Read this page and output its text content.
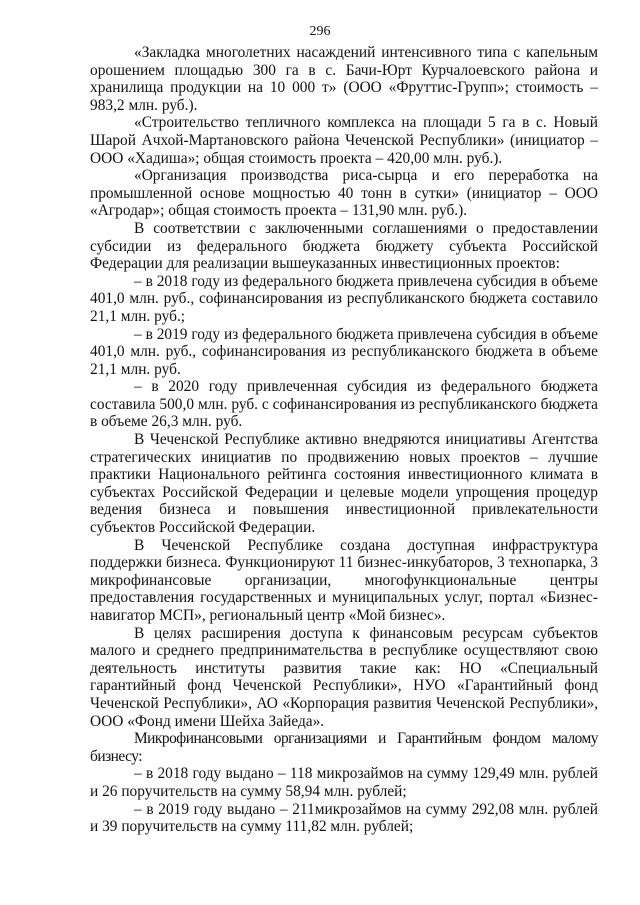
296

«Закладка многолетних насаждений интенсивного типа с капельным орошением площадью 300 га в с. Бачи-Юрт Курчалоевского района и хранилища продукции на 10 000 т» (ООО «Фруттис-Групп»; стоимость – 983,2 млн. руб.).

«Строительство тепличного комплекса на площади 5 га в с. Новый Шарой Ачхой-Мартановского района Чеченской Республики» (инициатор – ООО «Хадиша»; общая стоимость проекта – 420,00 млн. руб.).

«Организация производства риса-сырца и его переработка на промышленной основе мощностью 40 тонн в сутки» (инициатор – ООО «Агродар»; общая стоимость проекта – 131,90 млн. руб.).

В соответствии с заключенными соглашениями о предоставлении субсидии из федерального бюджета бюджету субъекта Российской Федерации для реализации вышеуказанных инвестиционных проектов:

– в 2018 году из федерального бюджета привлечена субсидия в объеме 401,0 млн. руб., софинансирования из республиканского бюджета составило 21,1 млн. руб.;

– в 2019 году из федерального бюджета привлечена субсидия в объеме 401,0 млн. руб., софинансирования из республиканского бюджета в объеме 21,1 млн. руб.

– в 2020 году привлеченная субсидия из федерального бюджета составила 500,0 млн. руб. с софинансирования из республиканского бюджета в объеме 26,3 млн. руб.

В Чеченской Республике активно внедряются инициативы Агентства стратегических инициатив по продвижению новых проектов – лучшие практики Национального рейтинга состояния инвестиционного климата в субъектах Российской Федерации и целевые модели упрощения процедур ведения бизнеса и повышения инвестиционной привлекательности субъектов Российской Федерации.

В Чеченской Республике создана доступная инфраструктура поддержки бизнеса. Функционируют 11 бизнес-инкубаторов, 3 технопарка, 3 микрофинансовые организации, многофункциональные центры предоставления государственных и муниципальных услуг, портал «Бизнес-навигатор МСП», региональный центр «Мой бизнес».

В целях расширения доступа к финансовым ресурсам субъектов малого и среднего предпринимательства в республике осуществляют свою деятельность институты развития такие как: НО «Специальный гарантийный фонд Чеченской Республики», НУО «Гарантийный фонд Чеченской Республики», АО «Корпорация развития Чеченской Республики», ООО «Фонд имени Шейха Зайеда».

Микрофинансовыми организациями и Гарантийным фондом малому бизнесу:

– в 2018 году выдано – 118 микрозаймов на сумму 129,49 млн. рублей и 26 поручительств на сумму 58,94 млн. рублей;

– в 2019 году выдано – 211микрозаймов на сумму 292,08 млн. рублей и 39 поручительств на сумму 111,82 млн. рублей;
